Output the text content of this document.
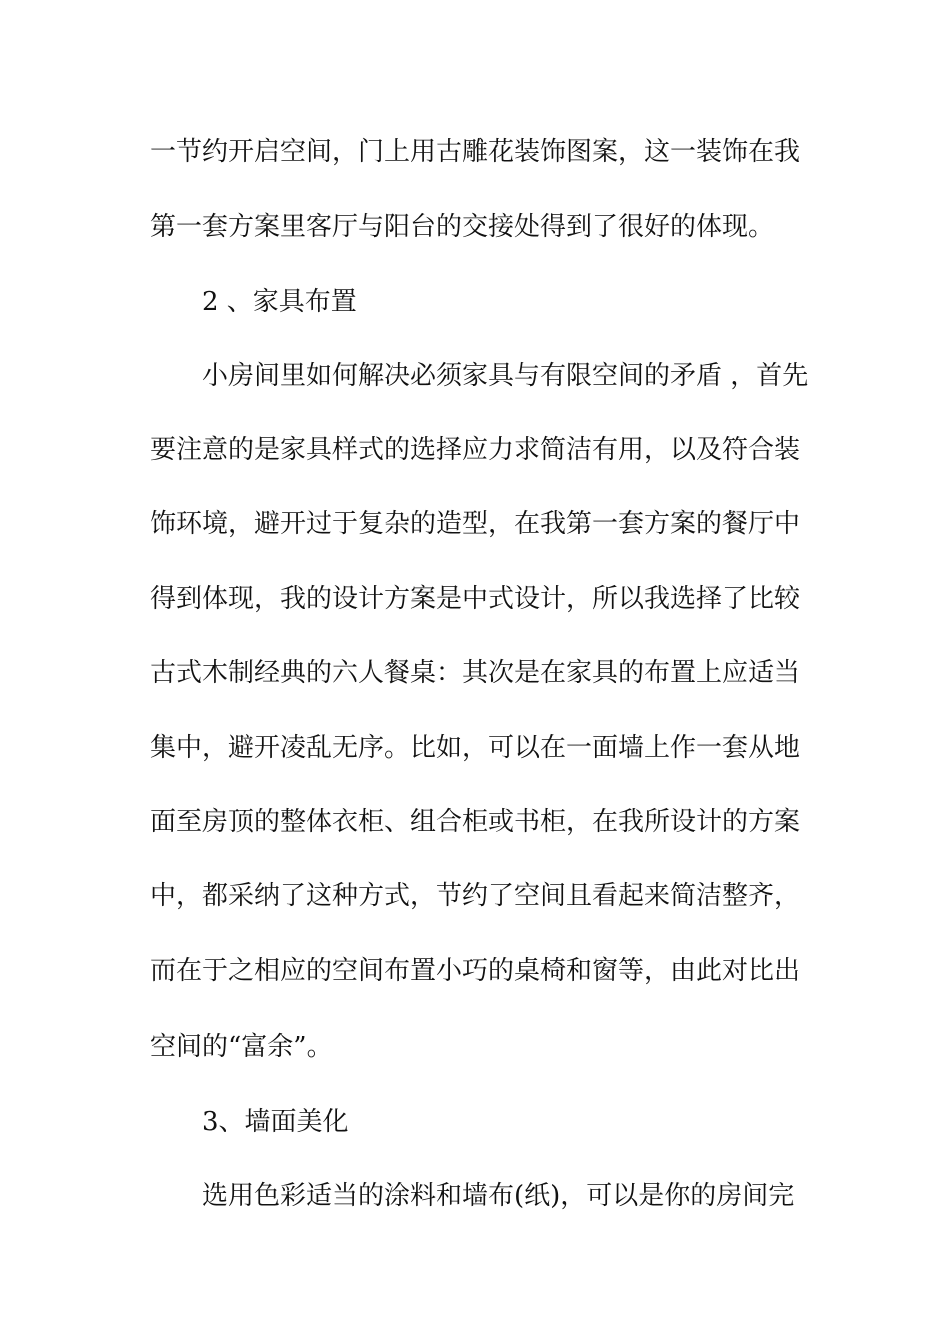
一节约开启空间，门上用古雕花装饰图案，这一装饰在我
第一套方案里客厅与阳台的交接处得到了很好的体现。
2 、家具布置
小房间里如何解决必须家具与有限空间的矛盾 ，首先
要注意的是家具样式的选择应力求简洁有用，以及符合装
饰环境，避开过于复杂的造型，在我第一套方案的餐厅中
得到体现，我的设计方案是中式设计，所以我选择了比较
古式木制经典的六人餐桌：其次是在家具的布置上应适当
集中，避开凌乱无序。比如，可以在一面墙上作一套从地
面至房顶的整体衣柜、组合柜或书柜，在我所设计的方案
中，都采纳了这种方式，节约了空间且看起来简洁整齐，
而在于之相应的空间布置小巧的桌椅和窗等，由此对比出
空间的“富余”。
3、墙面美化
选用色彩适当的涂料和墙布(纸)，可以是你的房间完
